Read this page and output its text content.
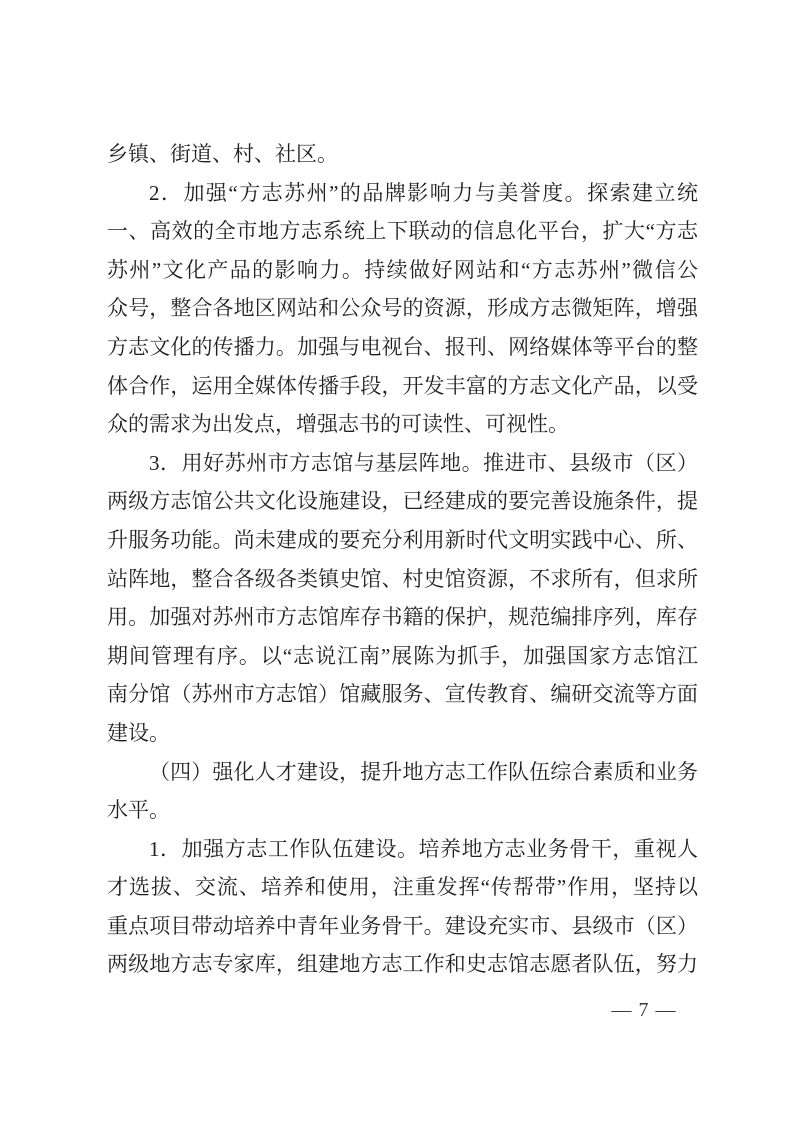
乡镇、街道、村、社区。
2．加强“方志苏州”的品牌影响力与美誉度。探索建立统
一、高效的全市地方志系统上下联动的信息化平台，扩大“方志
苏州”文化产品的影响力。持续做好网站和“方志苏州”微信公
众号，整合各地区网站和公众号的资源，形成方志微矩阵，增强
方志文化的传播力。加强与电视台、报刊、网络媒体等平台的整
体合作，运用全媒体传播手段，开发丰富的方志文化产品，以受
众的需求为出发点，增强志书的可读性、可视性。
3．用好苏州市方志馆与基层阵地。推进市、县级市（区）
两级方志馆公共文化设施建设，已经建成的要完善设施条件，提
升服务功能。尚未建成的要充分利用新时代文明实践中心、所、
站阵地，整合各级各类镇史馆、村史馆资源，不求所有，但求所
用。加强对苏州市方志馆库存书籍的保护，规范编排序列，库存
期间管理有序。以“志说江南”展陈为抓手，加强国家方志馆江
南分馆（苏州市方志馆）馆藏服务、宣传教育、编研交流等方面
建设。
（四）强化人才建设，提升地方志工作队伍综合素质和业务
水平。
1．加强方志工作队伍建设。培养地方志业务骨干，重视人
才选拔、交流、培养和使用，注重发挥“传帮带”作用，坚持以
重点项目带动培养中青年业务骨干。建设充实市、县级市（区）
两级地方志专家库，组建地方志工作和史志馆志愿者队伍，努力
— 7 —
